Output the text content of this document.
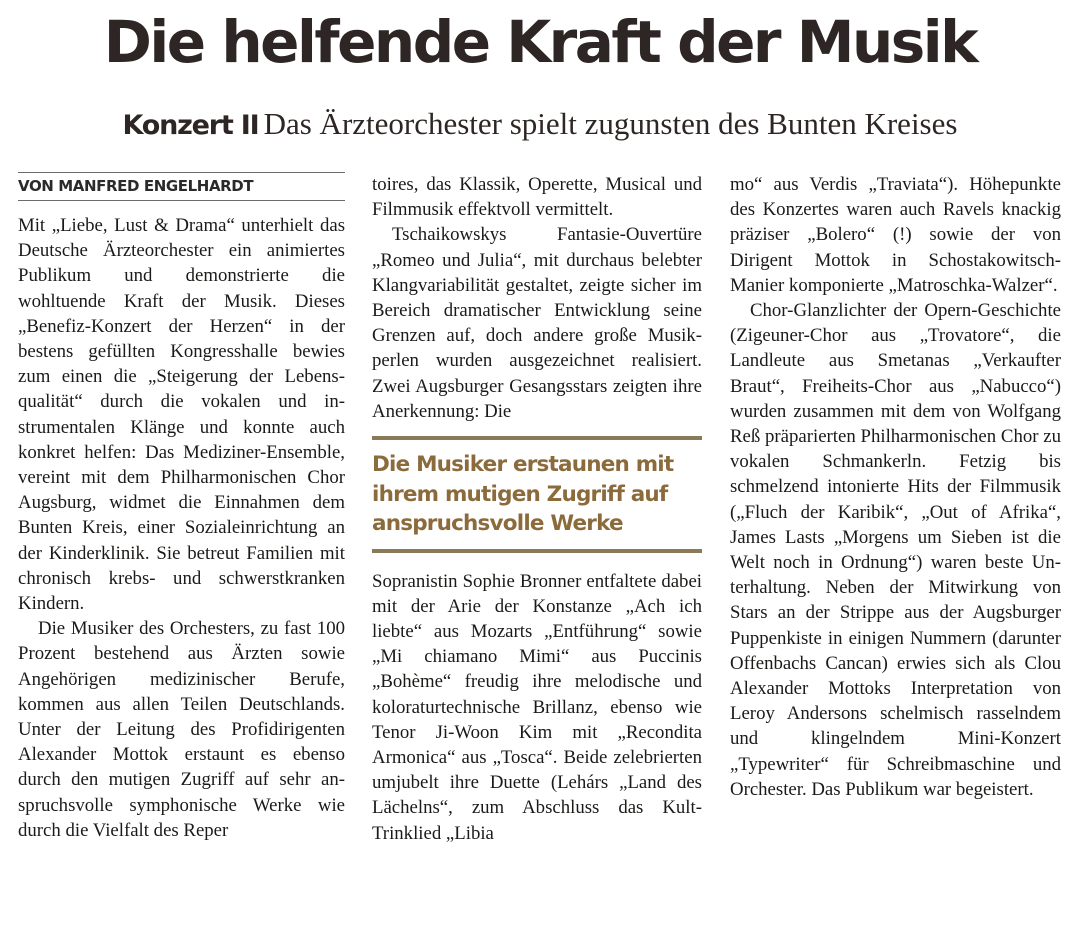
Die helfende Kraft der Musik
Konzert II Das Ärzteorchester spielt zugunsten des Bunten Kreises
VON MANFRED ENGELHARDT

Mit „Liebe, Lust & Drama“ unterhielt das Deutsche Ärzteorchester ein animiertes Publikum und demonstrierte die wohltuende Kraft der Musik. Dieses „Benefiz-Konzert der Herzen“ in der bestens gefüllten Kongresshalle bewies zum einen die „Steigerung der Lebensqualität“ durch die vokalen und instrumentalen Klänge und konnte auch konkret helfen: Das Mediziner-Ensemble, vereint mit dem Philharmonischen Chor Augsburg, widmet die Einnahmen dem Bunten Kreis, einer Sozialeinrichtung an der Kinderklinik. Sie betreut Familien mit chronisch krebs- und schwerstkranken Kindern.

Die Musiker des Orchesters, zu fast 100 Prozent bestehend aus Ärzten sowie Angehörigen medizinischer Berufe, kommen aus allen Teilen Deutschlands. Unter der Leitung des Profidirigenten Alexander Mottok erstaunt es ebenso durch den mutigen Zugriff auf sehr anspruchsvolle symphonische Werke wie durch die Vielfalt des Reper

toires, das Klassik, Operette, Musical und Filmmusik effektvoll vermittelt.

Tschaikowskys Fantasie-Ouvertüre „Romeo und Julia“, mit durchaus belebter Klangvariabilität gestaltet, zeigte sicher im Bereich dramatischer Entwicklung seine Grenzen auf, doch andere große Musikperlen wurden ausgezeichnet realisiert. Zwei Augsburger Gesangsstars zeigten ihre Anerkennung: Die

Die Musiker erstaunen mit ihrem mutigen Zugriff auf anspruchsvolle Werke

Sopranistin Sophie Bronner entfaltete dabei mit der Arie der Konstanze „Ach ich liebte“ aus Mozarts „Entführung“ sowie „Mi chiamano Mimi“ aus Puccinis „Bohème“ freudig ihre melodische und koloraturtechnische Brillanz, ebenso wie Tenor Ji-Woon Kim mit „Recondita Armonica“ aus „Tosca“. Beide zelebrierten umjubelt ihre Duette (Lehárs „Land des Lächelns“, zum Abschluss das Kult-Trinklied „Libia

mo“ aus Verdis „Traviata“). Höhepunkte des Konzertes waren auch Ravels knackig präziser „Bolero“ (!) sowie der von Dirigent Mottok in Schostakowitsch-Manier komponierte „Matroschka-Walzer“.

Chor-Glanzlichter der Opern-Geschichte (Zigeuner-Chor aus „Trovatore“, die Landleute aus Smetanas „Verkaufter Braut“, Freiheits-Chor aus „Nabucco“) wurden zusammen mit dem von Wolfgang Reß präparierten Philharmonischen Chor zu vokalen Schmankerln. Fetzig bis schmelzend intonierte Hits der Filmmusik („Fluch der Karibik“, „Out of Afrika“, James Lasts „Morgens um Sieben ist die Welt noch in Ordnung“) waren beste Unterhaltung. Neben der Mitwirkung von Stars an der Strippe aus der Augsburger Puppenkiste in einigen Nummern (darunter Offenbachs Cancan) erwies sich als Clou Alexander Mottoks Interpretation von Leroy Andersons schelmisch rasselndem und klingelndem Mini-Konzert „Typewriter“ für Schreibmaschine und Orchester. Das Publikum war begeistert.
